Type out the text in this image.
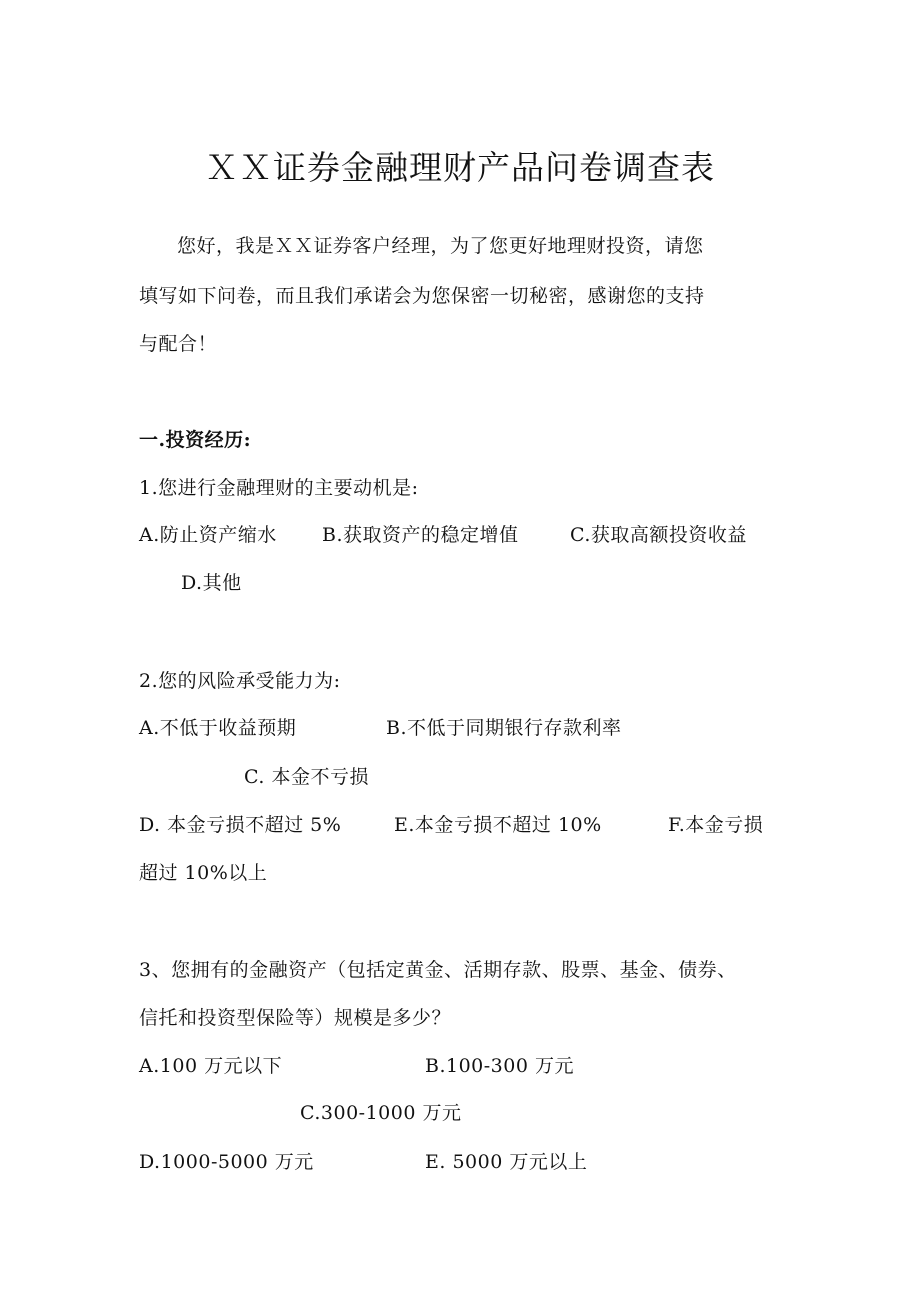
ＸＸ证券金融理财产品问卷调查表
您好，我是ＸＸ证券客户经理，为了您更好地理财投资，请您
填写如下问卷，而且我们承诺会为您保密一切秘密，感谢您的支持
与配合！
一.投资经历:
1.您进行金融理财的主要动机是:
A.防止资产缩水 B.获取资产的稳定增值	C.获取高额投资收益
D.其他
2.您的风险承受能力为:
A.不低于收益预期	B.不低于同期银行存款利率
C. 本金不亏损
D. 本金亏损不超过 5%	E.本金亏损不超过 10%	F.本金亏损
超过 10%以上
3、您拥有的金融资产（包括定黄金、活期存款、股票、基金、债券、
信托和投资型保险等）规模是多少？
A.100 万元以下	B.100-300 万元
C.300-1000 万元
D.1000-5000 万元	E. 5000 万元以上
